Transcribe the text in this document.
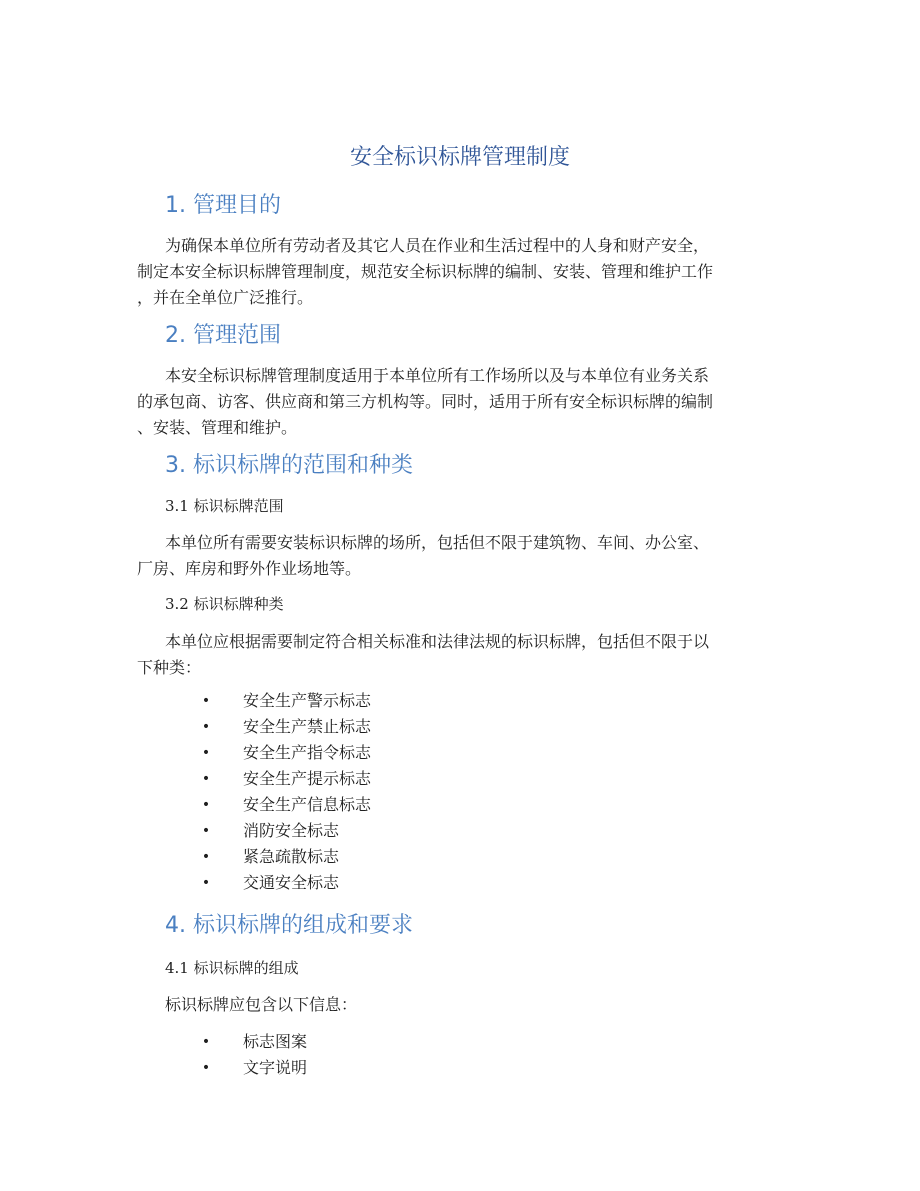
安全标识标牌管理制度
1. 管理目的
为确保本单位所有劳动者及其它人员在作业和生活过程中的人身和财产安全，
制定本安全标识标牌管理制度，规范安全标识标牌的编制、安装、管理和维护工作
，并在全单位广泛推行。
2. 管理范围
本安全标识标牌管理制度适用于本单位所有工作场所以及与本单位有业务关系
的承包商、访客、供应商和第三方机构等。同时，适用于所有安全标识标牌的编制
、安装、管理和维护。
3. 标识标牌的范围和种类
3.1 标识标牌范围
本单位所有需要安装标识标牌的场所，包括但不限于建筑物、车间、办公室、
厂房、库房和野外作业场地等。
3.2 标识标牌种类
本单位应根据需要制定符合相关标准和法律法规的标识标牌，包括但不限于以
下种类：
• 安全生产警示标志
• 安全生产禁止标志
• 安全生产指令标志
• 安全生产提示标志
• 安全生产信息标志
• 消防安全标志
• 紧急疏散标志
• 交通安全标志
4. 标识标牌的组成和要求
4.1 标识标牌的组成
标识标牌应包含以下信息：
• 标志图案
• 文字说明
